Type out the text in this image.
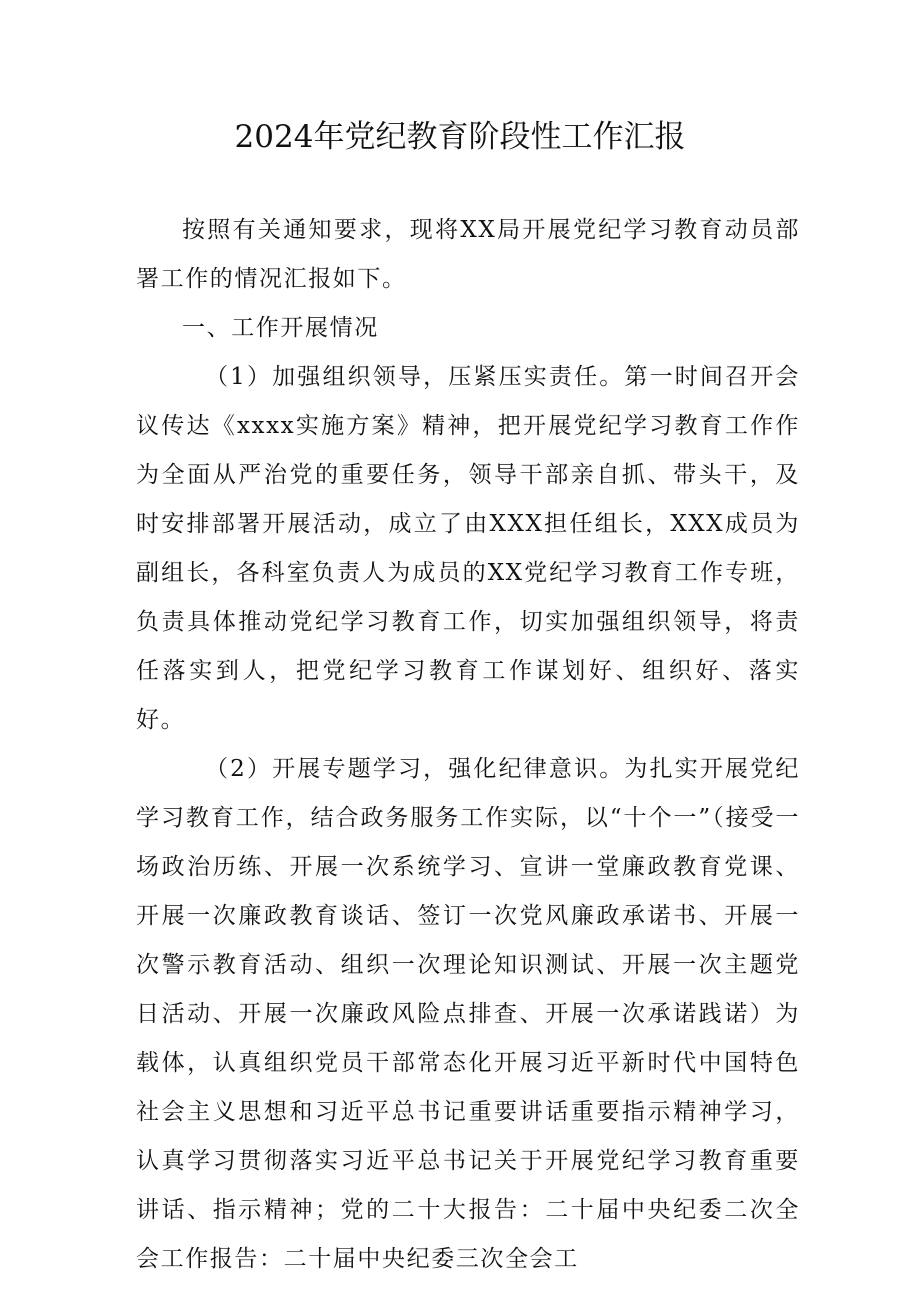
2024年党纪教育阶段性工作汇报

按照有关通知要求，现将XX局开展党纪学习教育动员部署工作的情况汇报如下。

一、工作开展情况

（1）加强组织领导，压紧压实责任。第一时间召开会议传达《xxxx实施方案》精神，把开展党纪学习教育工作作为全面从严治党的重要任务，领导干部亲自抓、带头干，及时安排部署开展活动，成立了由XXX担任组长，XXX成员为副组长，各科室负责人为成员的XX党纪学习教育工作专班，负责具体推动党纪学习教育工作，切实加强组织领导，将责任落实到人，把党纪学习教育工作谋划好、组织好、落实好。

（2）开展专题学习，强化纪律意识。为扎实开展党纪学习教育工作，结合政务服务工作实际，以“十个一”（接受一场政治历练、开展一次系统学习、宣讲一堂廉政教育党课、开展一次廉政教育谈话、签订一次党风廉政承诺书、开展一次警示教育活动、组织一次理论知识测试、开展一次主题党日活动、开展一次廉政风险点排查、开展一次承诺践诺）为载体，认真组织党员干部常态化开展习近平新时代中国特色社会主义思想和习近平总书记重要讲话重要指示精神学习，认真学习贯彻落实习近平总书记关于开展党纪学习教育重要讲话、指示精神；党的二十大报告：二十届中央纪委二次全会工作报告：二十届中央纪委三次全会工
